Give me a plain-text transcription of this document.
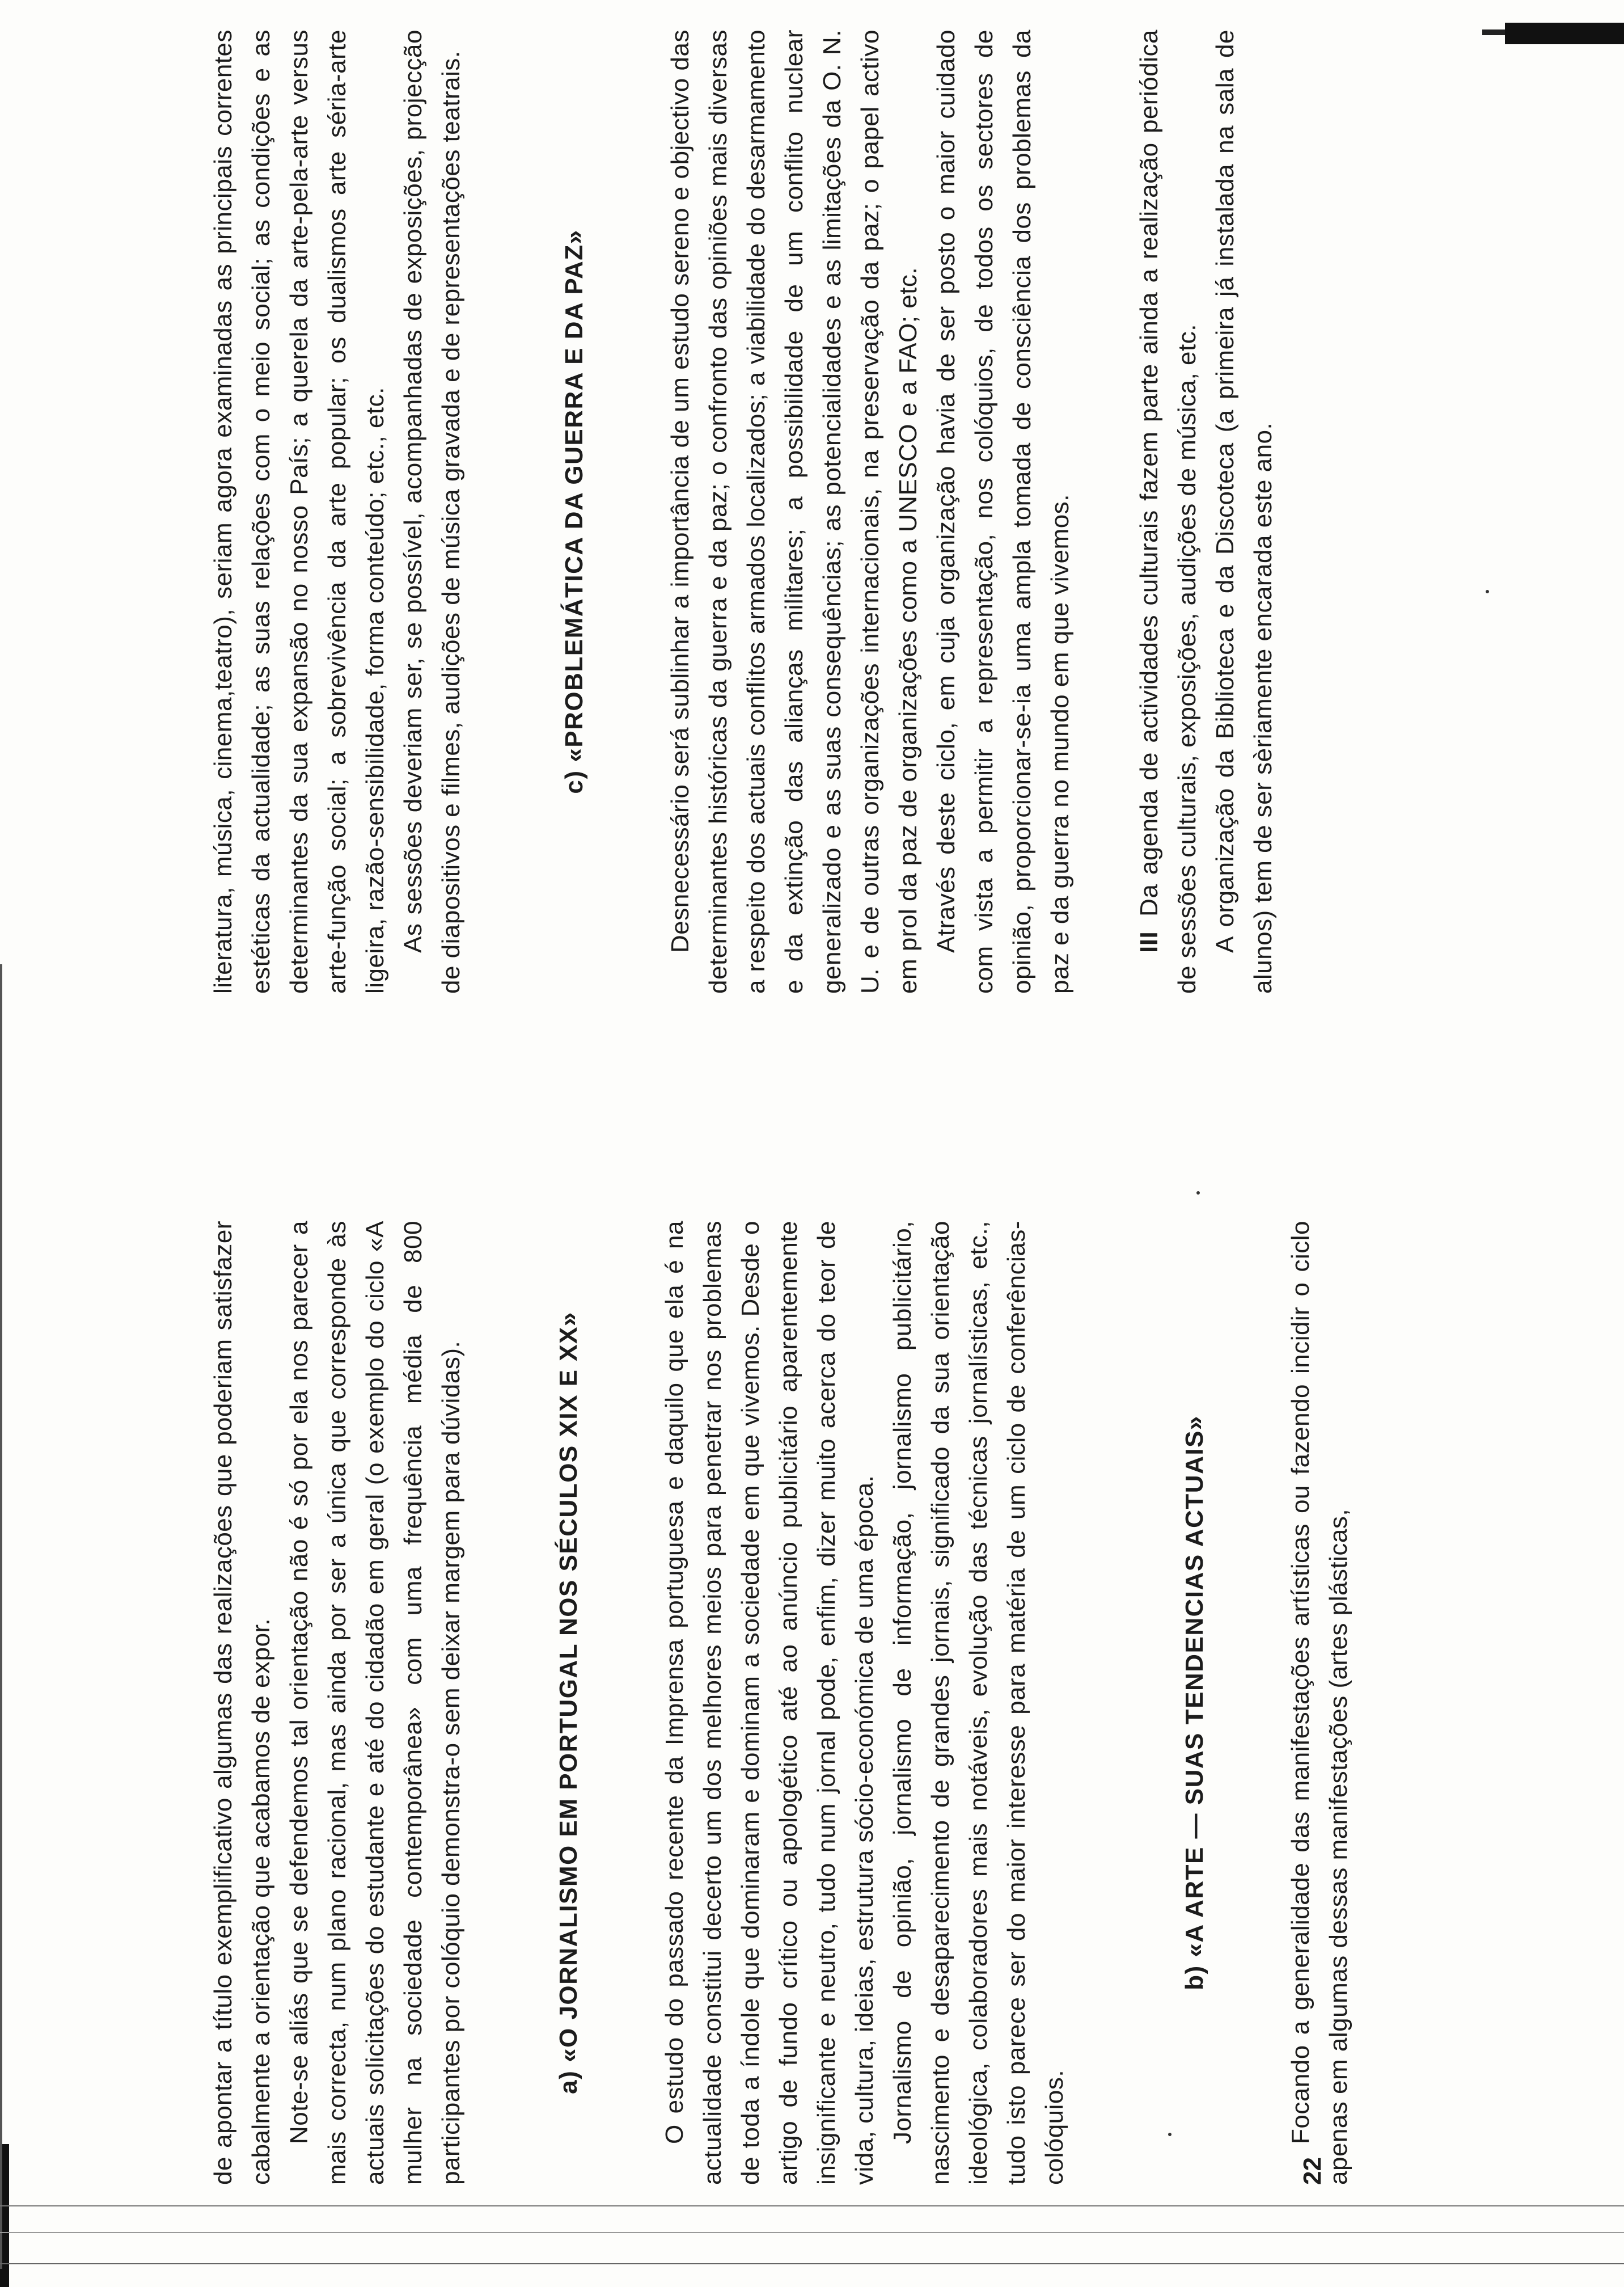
de apontar a título exemplificativo algumas das realizações que poderiam satisfazer cabalmente a orientação que acabamos de expor. Note-se aliás que se defendemos tal orientação não é só por ela nos parecer a mais correcta, num plano racional, mas ainda por ser a única que corresponde às actuais solicitações do estudante e até do cidadão em geral (o exemplo do ciclo «A mulher na sociedade contemporânea» com uma frequência média de 800 participantes por colóquio demonstra-o sem deixar margem para dúvidas).	a) «O JORNALISMO EM PORTUGAL NOS SÉCULOS XIX E XX»	O estudo do passado recente da Imprensa portuguesa e daquilo que ela é na actualidade constitui decerto um dos melhores meios para penetrar nos problemas de toda a índole que dominaram e dominam a sociedade em que vivemos. Desde o artigo de fundo crítico ou apologético até ao anúncio publicitário aparentemente insignificante e neutro, tudo num jornal pode, enfim, dizer muito acerca do teor de vida, cultura, ideias, estrutura sócio-económica de uma época. Jornalismo de opinião, jornalismo de informação, jornalismo publicitário, nascimento e desaparecimento de grandes jornais, significado da sua orientação ideológica, colaboradores mais notáveis, evolução das técnicas jornalísticas, etc., tudo isto parece ser do maior interesse para matéria de um ciclo de conferências-colóquios.

b) «A ARTE — SUAS TENDENCIAS ACTUAIS»	Focando a generalidade das manifestações artísticas ou fazendo incidir o ciclo apenas em algumas dessas manifestações (artes plásticas,

literatura, música, cinema,teatro), seriam agora examinadas as principais correntes estéticas da actualidade; as suas relações com o meio social; as condições e as determinantes da sua expansão no nosso País; a querela da arte-pela-arte versus arte-função social; a sobrevivência da arte popular; os dualismos arte séria-arte ligeira, razão-sensibilidade, forma conteúdo; etc., etc. As sessões deveriam ser, se possível, acompanhadas de exposições, projecção de diapositivos e filmes, audições de música gravada e de representações teatrais.	c) «PROBLEMÁTICA DA GUERRA E DA PAZ»	Desnecessário será sublinhar a importância de um estudo sereno e objectivo das determinantes históricas da guerra e da paz; o confronto das opiniões mais diversas a respeito dos actuais conflitos armados localizados; a viabilidade do desarmamento e da extinção das alianças militares; a possibilidade de um conflito nuclear generalizado e as suas consequências; as potencialidades e as limitações da O. N. U. e de outras organizações internacionais, na preservação da paz; o papel activo em prol da paz de organizações como a UNESCO e a FAO; etc. Através deste ciclo, em cuja organização havia de ser posto o maior cuidado com vista a permitir a representação, nos colóquios, de todos os sectores de opinião, proporcionar-se-ia uma ampla tomada de consciência dos problemas da paz e da guerra no mundo em que vivemos. IIIDa agenda de actividades culturais fazem parte ainda a realização periódica de sessões culturais, exposições, audições de música, etc. A organização da Biblioteca e da Discoteca (a primeira já instalada na sala de alunos) tem de ser sèriamente encarada este ano.

22
